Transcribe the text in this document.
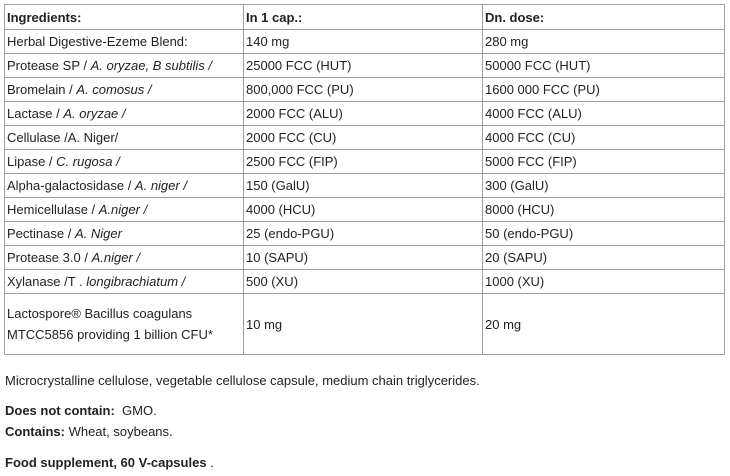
Ingredients:	In 1 cap.:	Dn. dose:
Herbal Digestive-Ezeme Blend:	140 mg	280 mg
Protease SP / A. oryzae, B subtilis /	25000 FCC (HUT)	50000 FCC (HUT)
Bromelain / A. comosus /	800,000 FCC (PU)	1600 000 FCC (PU)
Lactase / A. oryzae /	2000 FCC (ALU)	4000 FCC (ALU)
Cellulase /A. Niger/	2000 FCC (CU)	4000 FCC (CU)
Lipase / C. rugosa /	2500 FCC (FIP)	5000 FCC (FIP)
Alpha-galactosidase / A. niger /	150 (GalU)	300 (GalU)
Hemicellulase / A.niger /	4000 (HCU)	8000 (HCU)
Pectinase / A. Niger	25 (endo-PGU)	50 (endo-PGU)
Protease 3.0 / A.niger /	10 (SAPU)	20 (SAPU)
Xylanase /T . longibrachiatum /	500 (XU)	1000 (XU)
Lactospore® Bacillus coagulans MTCC5856 providing 1 billion CFU*	10 mg	20 mg

Microcrystalline cellulose, vegetable cellulose capsule, medium chain triglycerides.

Does not contain: GMO.

Contains: Wheat, soybeans.

Food supplement, 60 V-capsules .
